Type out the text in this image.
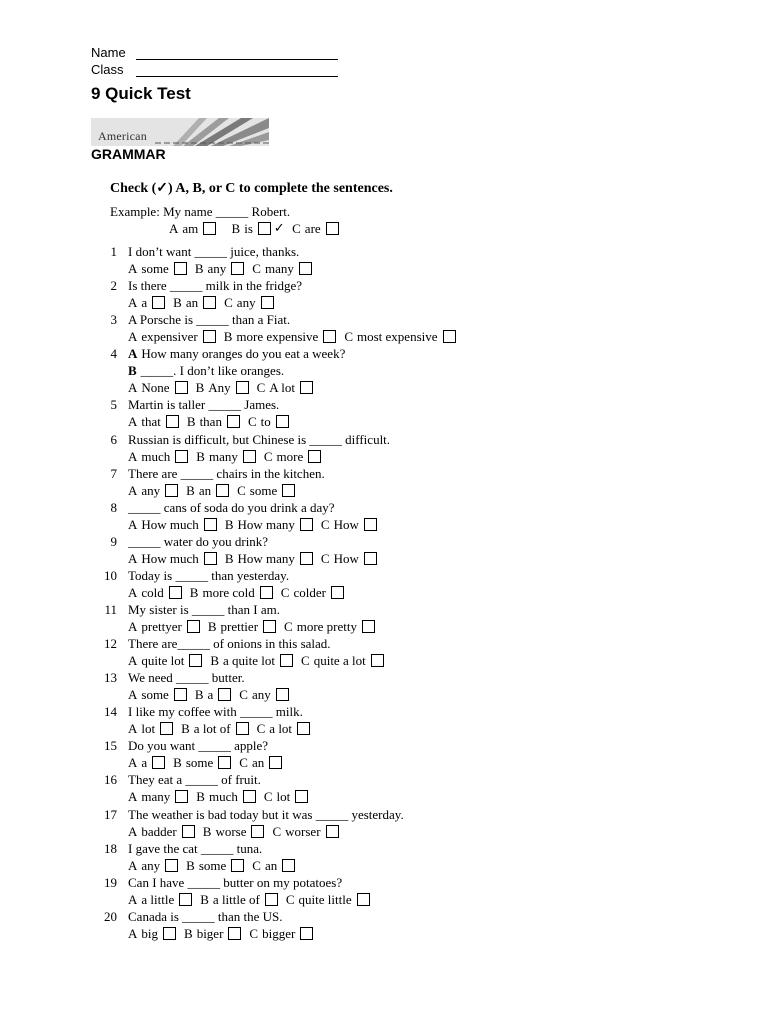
Name
Class
9 Quick Test
American
GRAMMAR
Check (✓) A, B, or C to complete the sentences.
Example: My name _____ Robert.
A am	B is ✓ C are
1 I don’t want _____ juice, thanks.
A some B any C many
2 Is there _____ milk in the fridge?
A a B an C any
3 A Porsche is _____ than a Fiat.
A expensiver B more expensive C most expensive
4 A How many oranges do you eat a week?
B _____. I don’t like oranges.
A None B Any C A lot
5 Martin is taller _____ James.
A that B than C to
6 Russian is difficult, but Chinese is _____ difficult.
A much B many C more
7 There are _____ chairs in the kitchen.
A any B an C some
8 _____ cans of soda do you drink a day?
A How much B How many C How
9 _____ water do you drink?
A How much B How many C How
10 Today is _____ than yesterday.
A cold B more cold C colder
11 My sister is _____ than I am.
A prettyer B prettier C more pretty
12 There are_____ of onions in this salad.
A quite lot B a quite lot C quite a lot
13 We need _____ butter.
A some B a C any
14 I like my coffee with _____ milk.
A lot B a lot of C a lot
15 Do you want _____ apple?
A a B some C an
16 They eat a _____ of fruit.
A many B much C lot
17 The weather is bad today but it was _____ yesterday.
A badder B worse C worser
18 I gave the cat _____ tuna.
A any B some C an
19 Can I have _____ butter on my potatoes?
A a little B a little of C quite little
20 Canada is _____ than the US.
A big B biger C bigger
